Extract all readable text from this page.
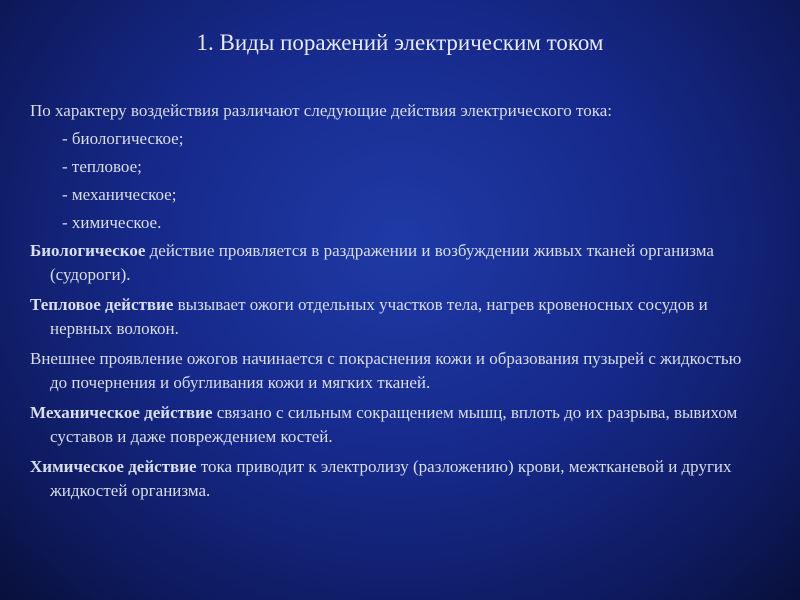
1. Виды поражений электрическим током
По характеру воздействия различают следующие действия электрического тока:
- биологическое;
- тепловое;
- механическое;
- химическое.
Биологическое действие проявляется в раздражении и возбуждении живых тканей организма (судороги).
Тепловое действие вызывает ожоги отдельных участков тела, нагрев кровеносных сосудов и нервных волокон.
Внешнее проявление ожогов начинается с покраснения кожи и образования пузырей с жидкостью до почернения и обугливания кожи и мягких тканей.
Механическое действие связано с сильным сокращением мышц, вплоть до их разрыва, вывихом суставов и даже повреждением костей.
Химическое действие тока приводит к электролизу (разложению) крови, межтканевой и других жидкостей организма.
